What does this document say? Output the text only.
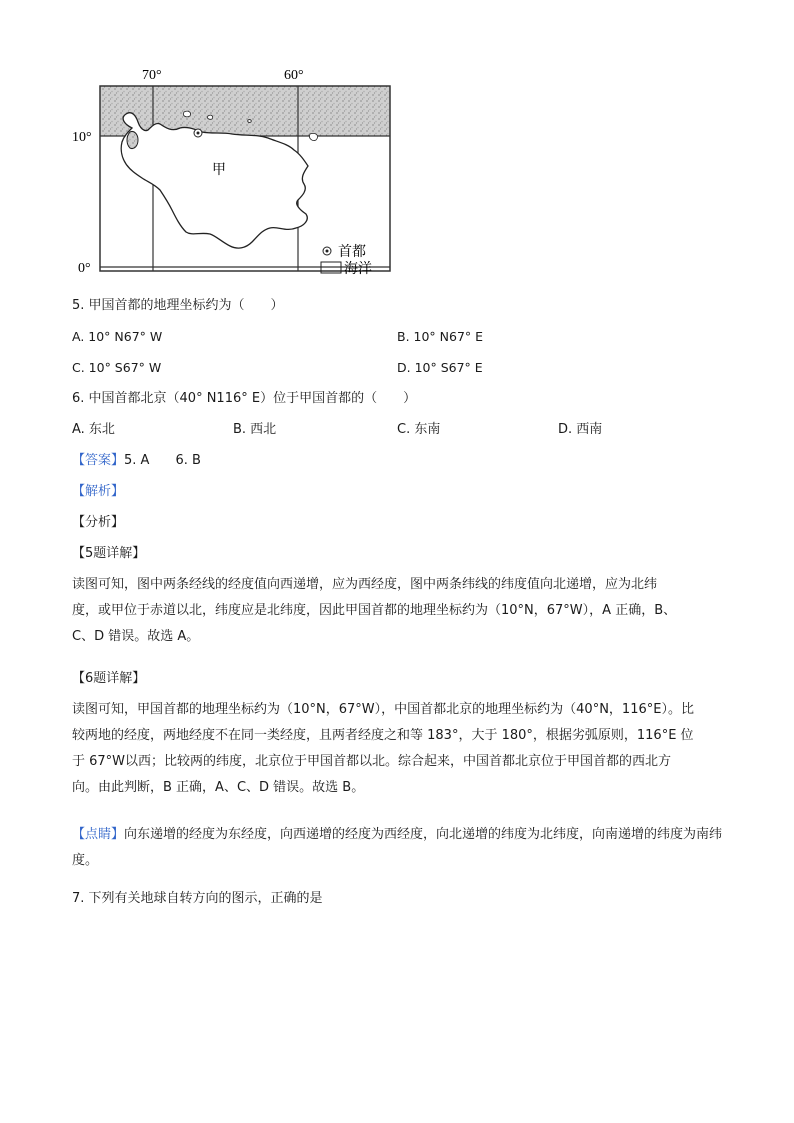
70°	60°
10°
0°
甲
首都
海洋
5. 甲国首都的地理坐标约为（　　）
A. 10° N67° W	B. 10° N67° E
C. 10° S67° W	D. 10° S67° E
6. 中国首都北京（40° N116° E）位于甲国首都的（　　）
A. 东北	B. 西北	C. 东南	D. 西南
【答案】5. A　　6. B
【解析】
【分析】
【5题详解】
读图可知，图中两条经线的经度值向西递增，应为西经度，图中两条纬线的纬度值向北递增，应为北纬
度，或甲位于赤道以北，纬度应是北纬度，因此甲国首都的地理坐标约为（10°N，67°W），A 正确，B、
C、D 错误。故选 A。
【6题详解】
读图可知，甲国首都的地理坐标约为（10°N，67°W），中国首都北京的地理坐标约为（40°N，116°E）。比
较两地的经度，两地经度不在同一类经度，且两者经度之和等 183°，大于 180°，根据劣弧原则，116°E 位
于 67°W以西；比较两的纬度，北京位于甲国首都以北。综合起来，中国首都北京位于甲国首都的西北方
向。由此判断，B 正确，A、C、D 错误。故选 B。
【点睛】向东递增的经度为东经度，向西递增的经度为西经度，向北递增的纬度为北纬度，向南递增的纬度为南纬
度。
7. 下列有关地球自转方向的图示，正确的是
